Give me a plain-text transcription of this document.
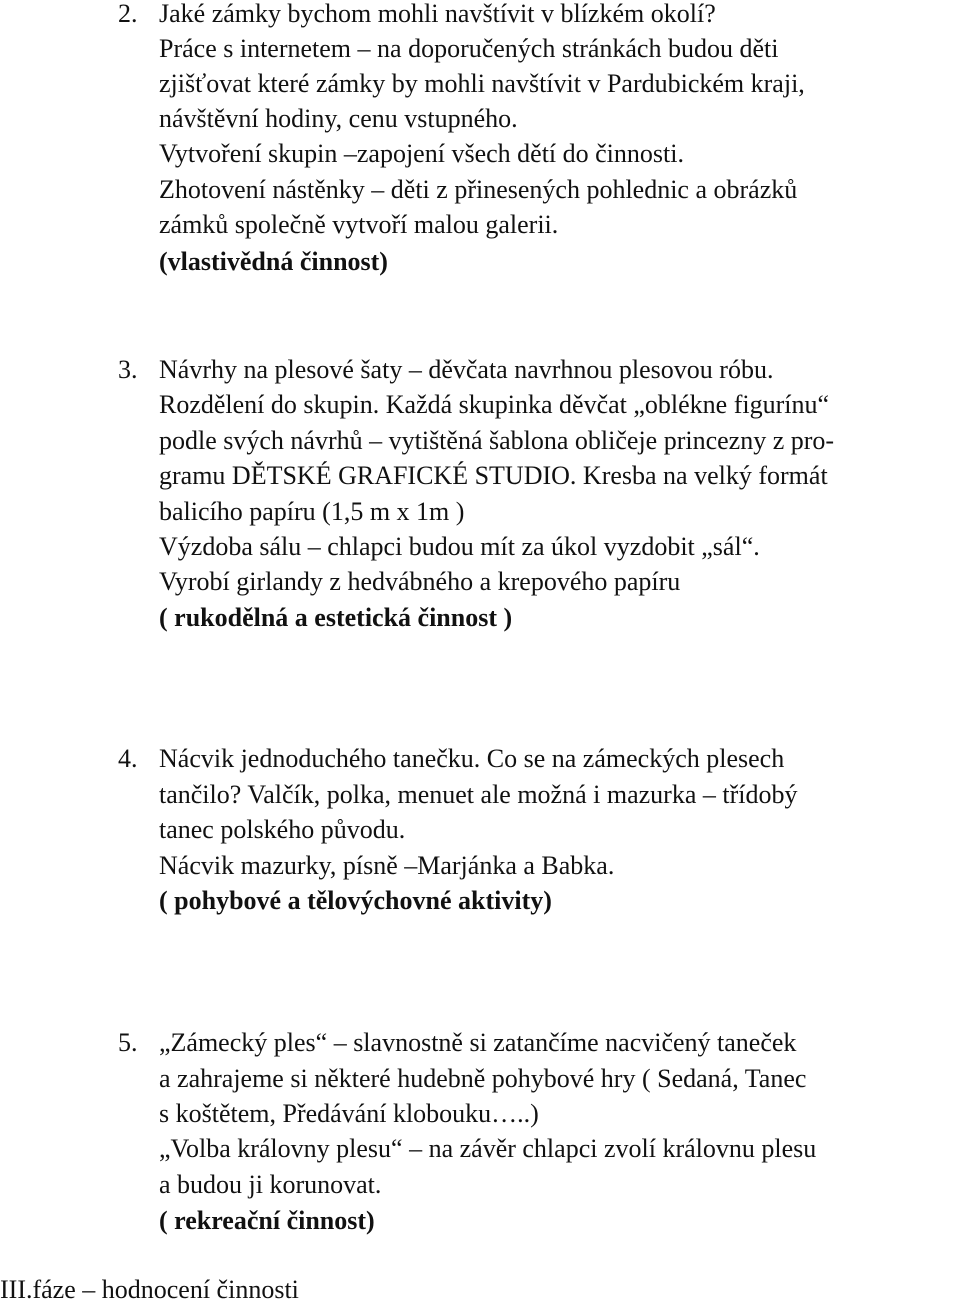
2. Jaké zámky bychom mohli navštívit v blízkém okolí?
Práce s internetem – na doporučených stránkách budou děti
zjišťovat které zámky by mohli navštívit v Pardubickém kraji,
návštěvní hodiny, cenu vstupného.
Vytvoření skupin –zapojení všech dětí do činnosti.
Zhotovení nástěnky – děti z přinesených pohlednic a obrázků
zámků společně vytvoří malou galerii.
(vlastivědná činnost)
3. Návrhy na plesové šaty – děvčata navrhnou plesovou róbu.
Rozdělení do skupin. Každá skupinka děvčat „oblékne figurínu“
podle svých návrhů – vytištěná šablona obličeje princezny z pro-
gramu DĚTSKÉ GRAFICKÉ STUDIO. Kresba na velký formát
balicího papíru (1,5 m x 1m )
Výzdoba sálu – chlapci budou mít za úkol vyzdobit „sál“.
Vyrobí girlandy z hedvábného a krepového papíru
( rukodělná a estetická činnost )
4. Nácvik jednoduchého tanečku. Co se na zámeckých plesech
tančilo? Valčík, polka, menuet ale možná i mazurka – třídobý
tanec polského původu.
Nácvik mazurky, písně –Marjánka a Babka.
( pohybové a tělovýchovné aktivity)
5. „Zámecký ples“ – slavnostně si zatančíme nacvičený taneček
a zahrajeme si některé hudebně pohybové hry ( Sedaná, Tanec
s koštětem, Předávání klobouku…..)
„Volba královny plesu“ – na závěr chlapci zvolí královnu plesu
a budou ji korunovat.
( rekreační činnost)
III.fáze – hodnocení činnosti
